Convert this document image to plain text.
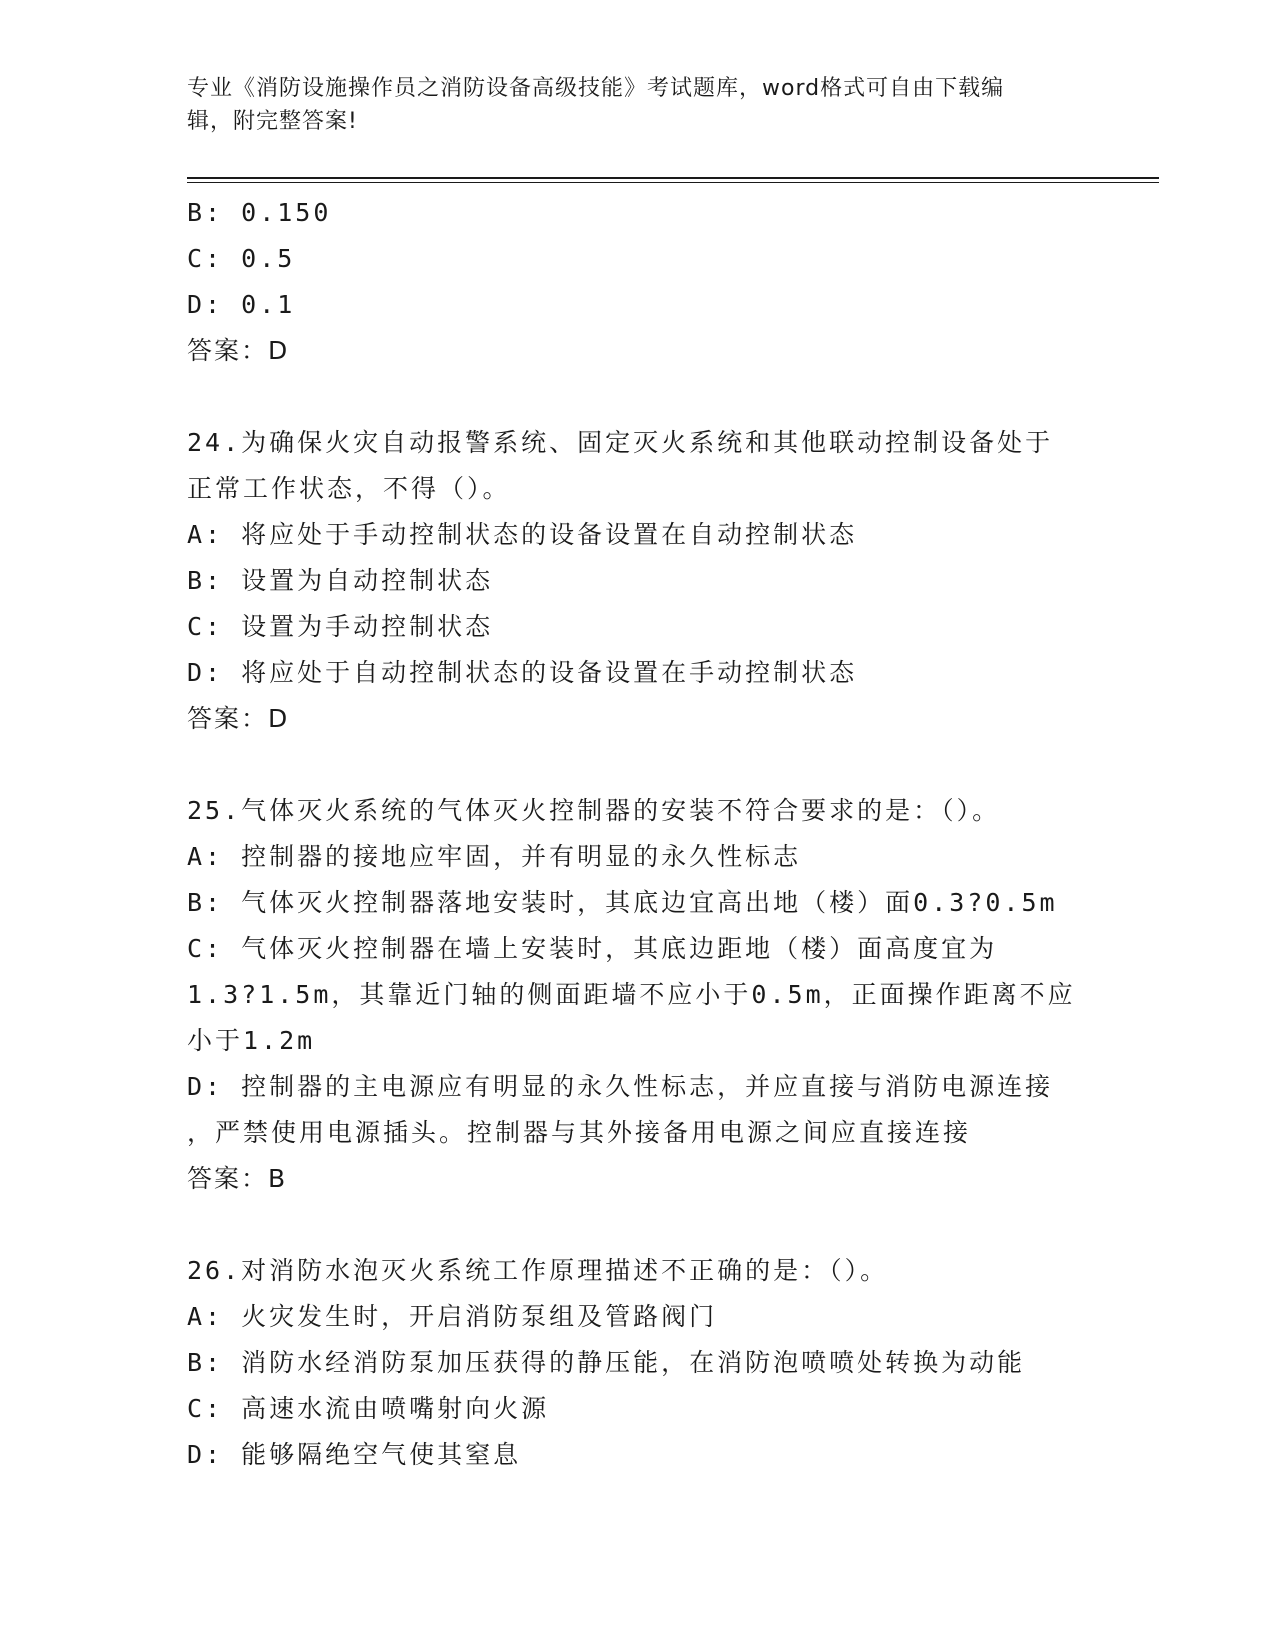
专业《消防设施操作员之消防设备高级技能》考试题库，word格式可自由下载编
辑，附完整答案!
B: 0.150
C: 0.5
D: 0.1
答案：D
24.为确保火灾自动报警系统、固定灭火系统和其他联动控制设备处于
正常工作状态，不得（）。
A: 将应处于手动控制状态的设备设置在自动控制状态
B: 设置为自动控制状态
C: 设置为手动控制状态
D: 将应处于自动控制状态的设备设置在手动控制状态
答案：D
25.气体灭火系统的气体灭火控制器的安装不符合要求的是：（）。
A: 控制器的接地应牢固，并有明显的永久性标志
B: 气体灭火控制器落地安装时，其底边宜高出地（楼）面0.3?0.5m
C: 气体灭火控制器在墙上安装时，其底边距地（楼）面高度宜为
1.3?1.5m，其靠近门轴的侧面距墙不应小于0.5m，正面操作距离不应
小于1.2m
D: 控制器的主电源应有明显的永久性标志，并应直接与消防电源连接
，严禁使用电源插头。控制器与其外接备用电源之间应直接连接
答案：B
26.对消防水泡灭火系统工作原理描述不正确的是：（）。
A: 火灾发生时，开启消防泵组及管路阀门
B: 消防水经消防泵加压获得的静压能，在消防泡喷喷处转换为动能
C: 高速水流由喷嘴射向火源
D: 能够隔绝空气使其窒息
